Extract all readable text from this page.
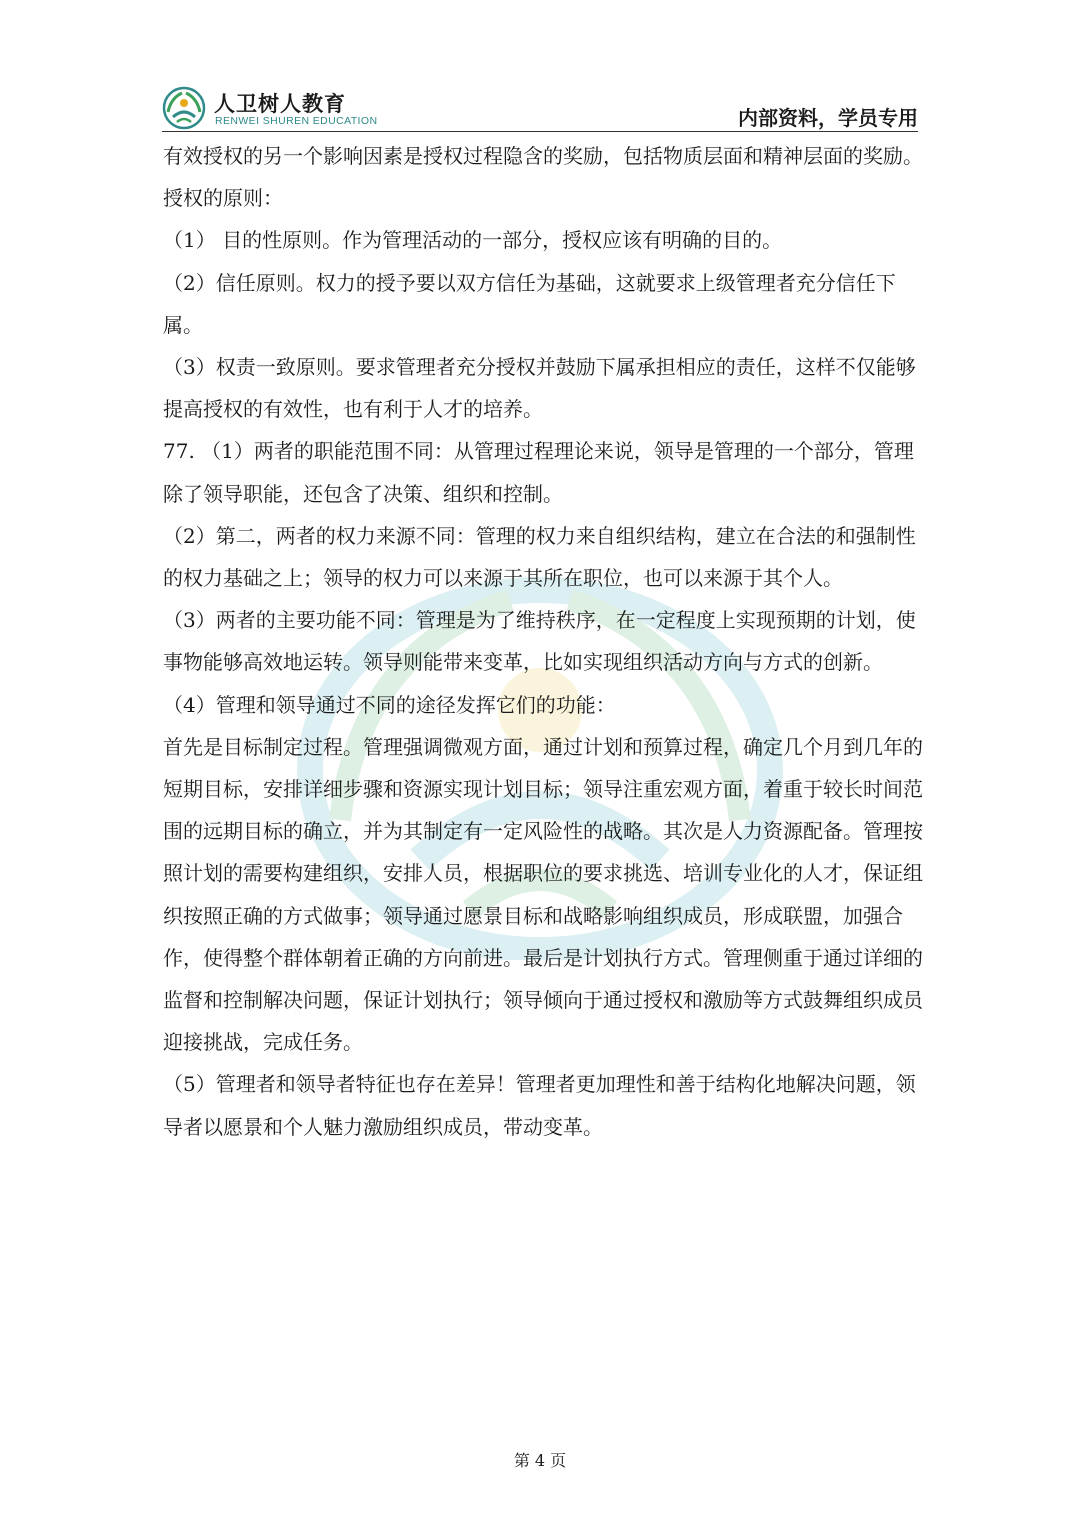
人卫树人教育
RENWEI SHUREN EDUCATION	内部资料，学员专用

有效授权的另一个影响因素是授权过程隐含的奖励，包括物质层面和精神层面的奖励。

授权的原则：

（1） 目的性原则。作为管理活动的一部分，授权应该有明确的目的。

（2）信任原则。权力的授予要以双方信任为基础，这就要求上级管理者充分信任下属。

（3）权责一致原则。要求管理者充分授权并鼓励下属承担相应的责任，这样不仅能够提高授权的有效性，也有利于人才的培养。

77. （1）两者的职能范围不同：从管理过程理论来说，领导是管理的一个部分，管理除了领导职能，还包含了决策、组织和控制。

（2）第二，两者的权力来源不同：管理的权力来自组织结构，建立在合法的和强制性的权力基础之上；领导的权力可以来源于其所在职位，也可以来源于其个人。

（3）两者的主要功能不同：管理是为了维持秩序，在一定程度上实现预期的计划，使事物能够高效地运转。领导则能带来变革，比如实现组织活动方向与方式的创新。

（4）管理和领导通过不同的途径发挥它们的功能：

首先是目标制定过程。管理强调微观方面，通过计划和预算过程，确定几个月到几年的短期目标，安排详细步骤和资源实现计划目标；领导注重宏观方面，着重于较长时间范围的远期目标的确立，并为其制定有一定风险性的战略。其次是人力资源配备。管理按照计划的需要构建组织，安排人员，根据职位的要求挑选、培训专业化的人才，保证组织按照正确的方式做事；领导通过愿景目标和战略影响组织成员，形成联盟，加强合作，使得整个群体朝着正确的方向前进。最后是计划执行方式。管理侧重于通过详细的监督和控制解决问题，保证计划执行；领导倾向于通过授权和激励等方式鼓舞组织成员迎接挑战，完成任务。

（5）管理者和领导者特征也存在差异！管理者更加理性和善于结构化地解决问题，领导者以愿景和个人魅力激励组织成员，带动变革。

第 4 页
